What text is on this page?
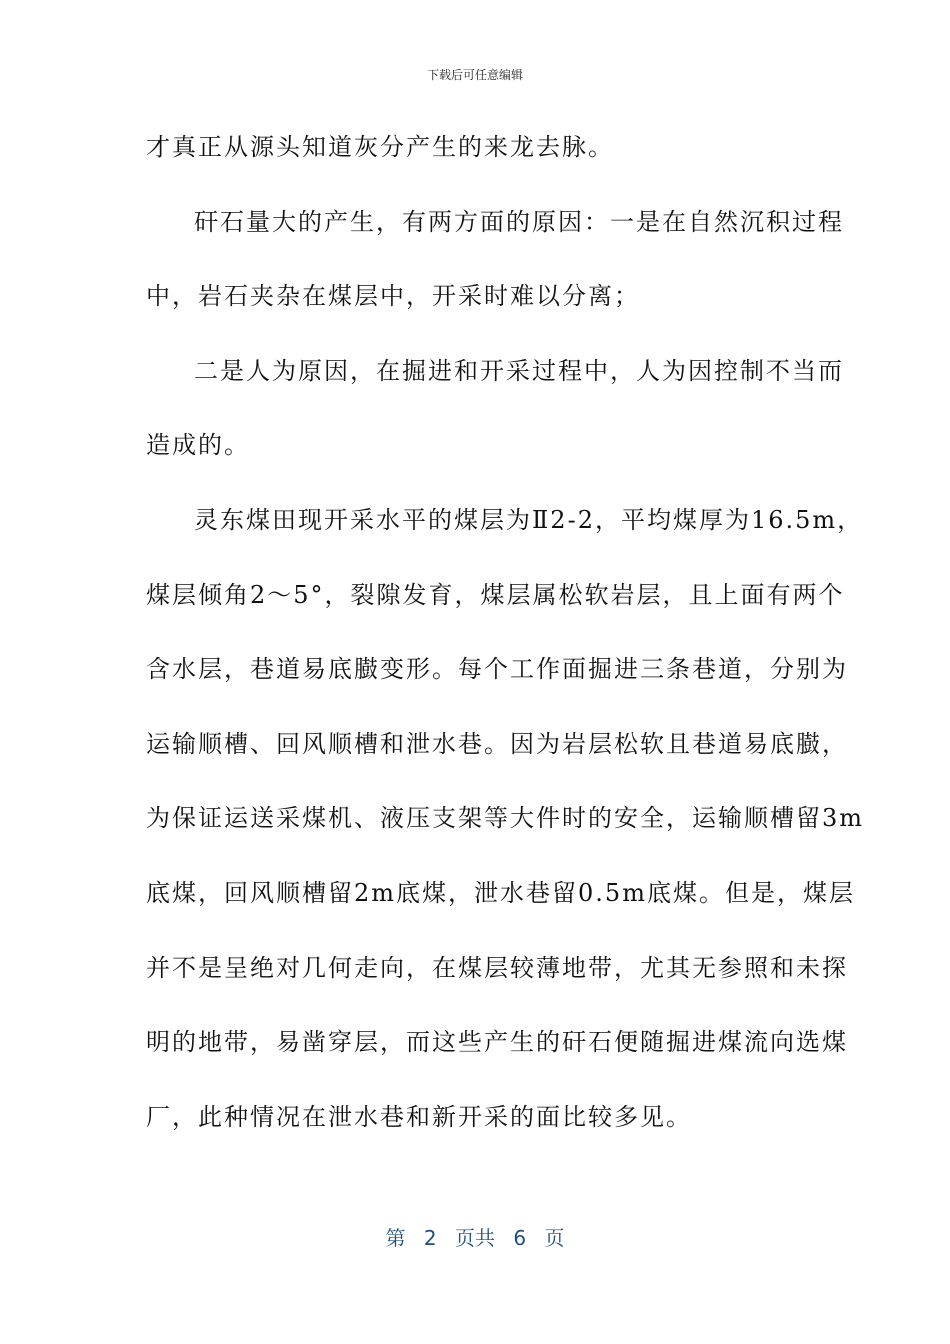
下载后可任意编辑
才真正从源头知道灰分产生的来龙去脉。
矸石量大的产生，有两方面的原因：一是在自然沉积过程
中，岩石夹杂在煤层中，开采时难以分离；
二是人为原因，在掘进和开采过程中，人为因控制不当而
造成的。
灵东煤田现开采水平的煤层为Ⅱ2-2，平均煤厚为16.5m，
煤层倾角2～5°，裂隙发育，煤层属松软岩层，且上面有两个
含水层，巷道易底臌变形。每个工作面掘进三条巷道，分别为
运输顺槽、回风顺槽和泄水巷。因为岩层松软且巷道易底臌，
为保证运送采煤机、液压支架等大件时的安全，运输顺槽留3m
底煤，回风顺槽留2m底煤，泄水巷留0.5m底煤。但是，煤层
并不是呈绝对几何走向，在煤层较薄地带，尤其无参照和未探
明的地带，易凿穿层，而这些产生的矸石便随掘进煤流向选煤
厂，此种情况在泄水巷和新开采的面比较多见。
第 2 页共 6 页
